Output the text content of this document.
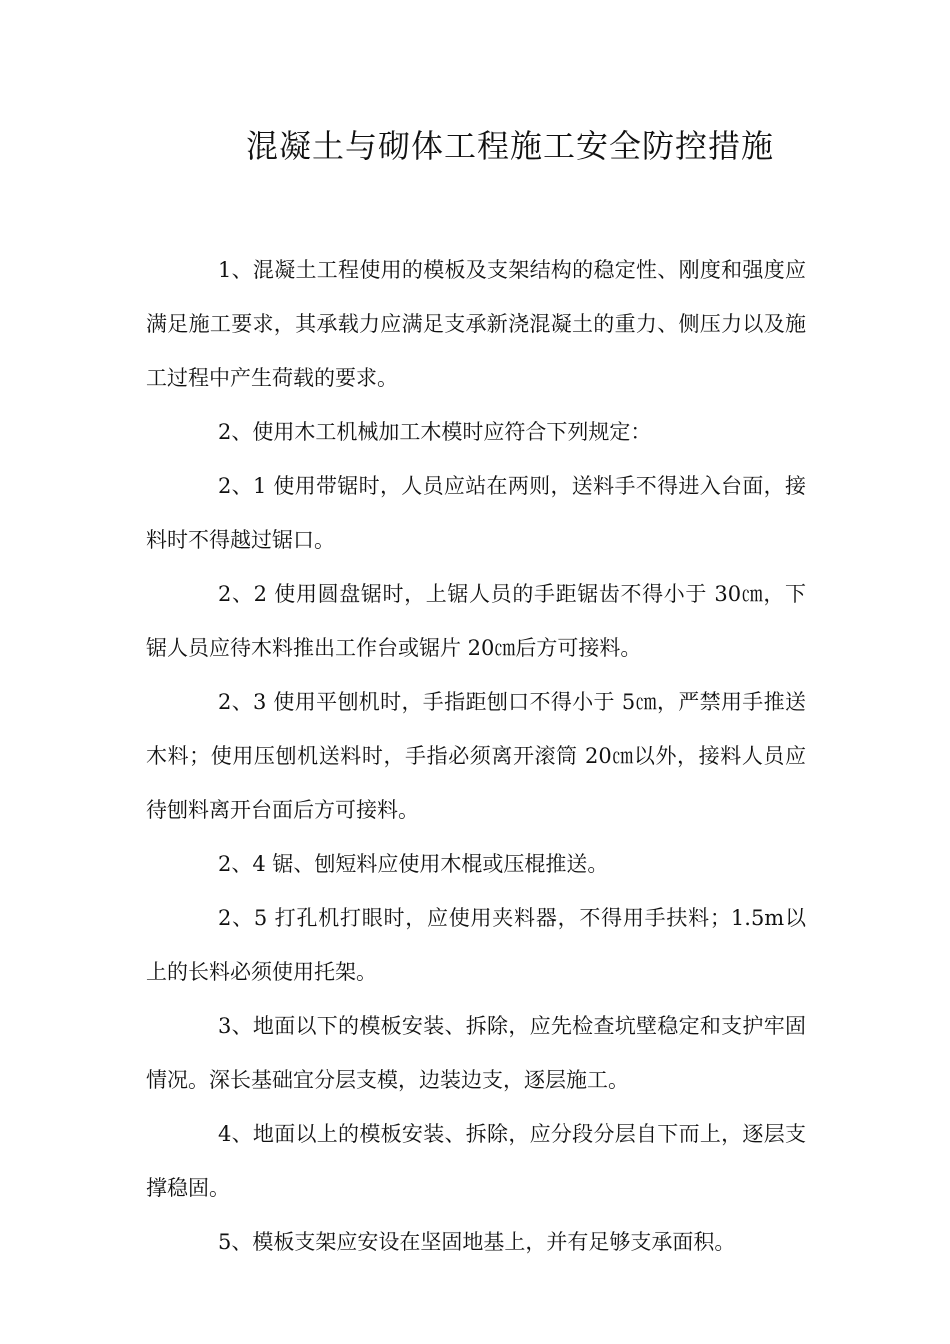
混凝土与砌体工程施工安全防控措施

1、混凝土工程使用的模板及支架结构的稳定性、刚度和强度应满足施工要求，其承载力应满足支承新浇混凝土的重力、侧压力以及施工过程中产生荷载的要求。

2、使用木工机械加工木模时应符合下列规定：

2、1 使用带锯时，人员应站在两则，送料手不得进入台面，接料时不得越过锯口。

2、2 使用圆盘锯时，上锯人员的手距锯齿不得小于 30㎝，下锯人员应待木料推出工作台或锯片 20㎝后方可接料。

2、3 使用平刨机时，手指距刨口不得小于 5㎝，严禁用手推送木料；使用压刨机送料时，手指必须离开滚筒 20㎝以外，接料人员应待刨料离开台面后方可接料。

2、4 锯、刨短料应使用木棍或压棍推送。

2、5 打孔机打眼时，应使用夹料器，不得用手扶料；1.5m以上的长料必须使用托架。

3、地面以下的模板安装、拆除，应先检查坑壁稳定和支护牢固情况。深长基础宜分层支模，边装边支，逐层施工。

4、地面以上的模板安装、拆除，应分段分层自下而上，逐层支撑稳固。

5、模板支架应安设在坚固地基上，并有足够支承面积。
